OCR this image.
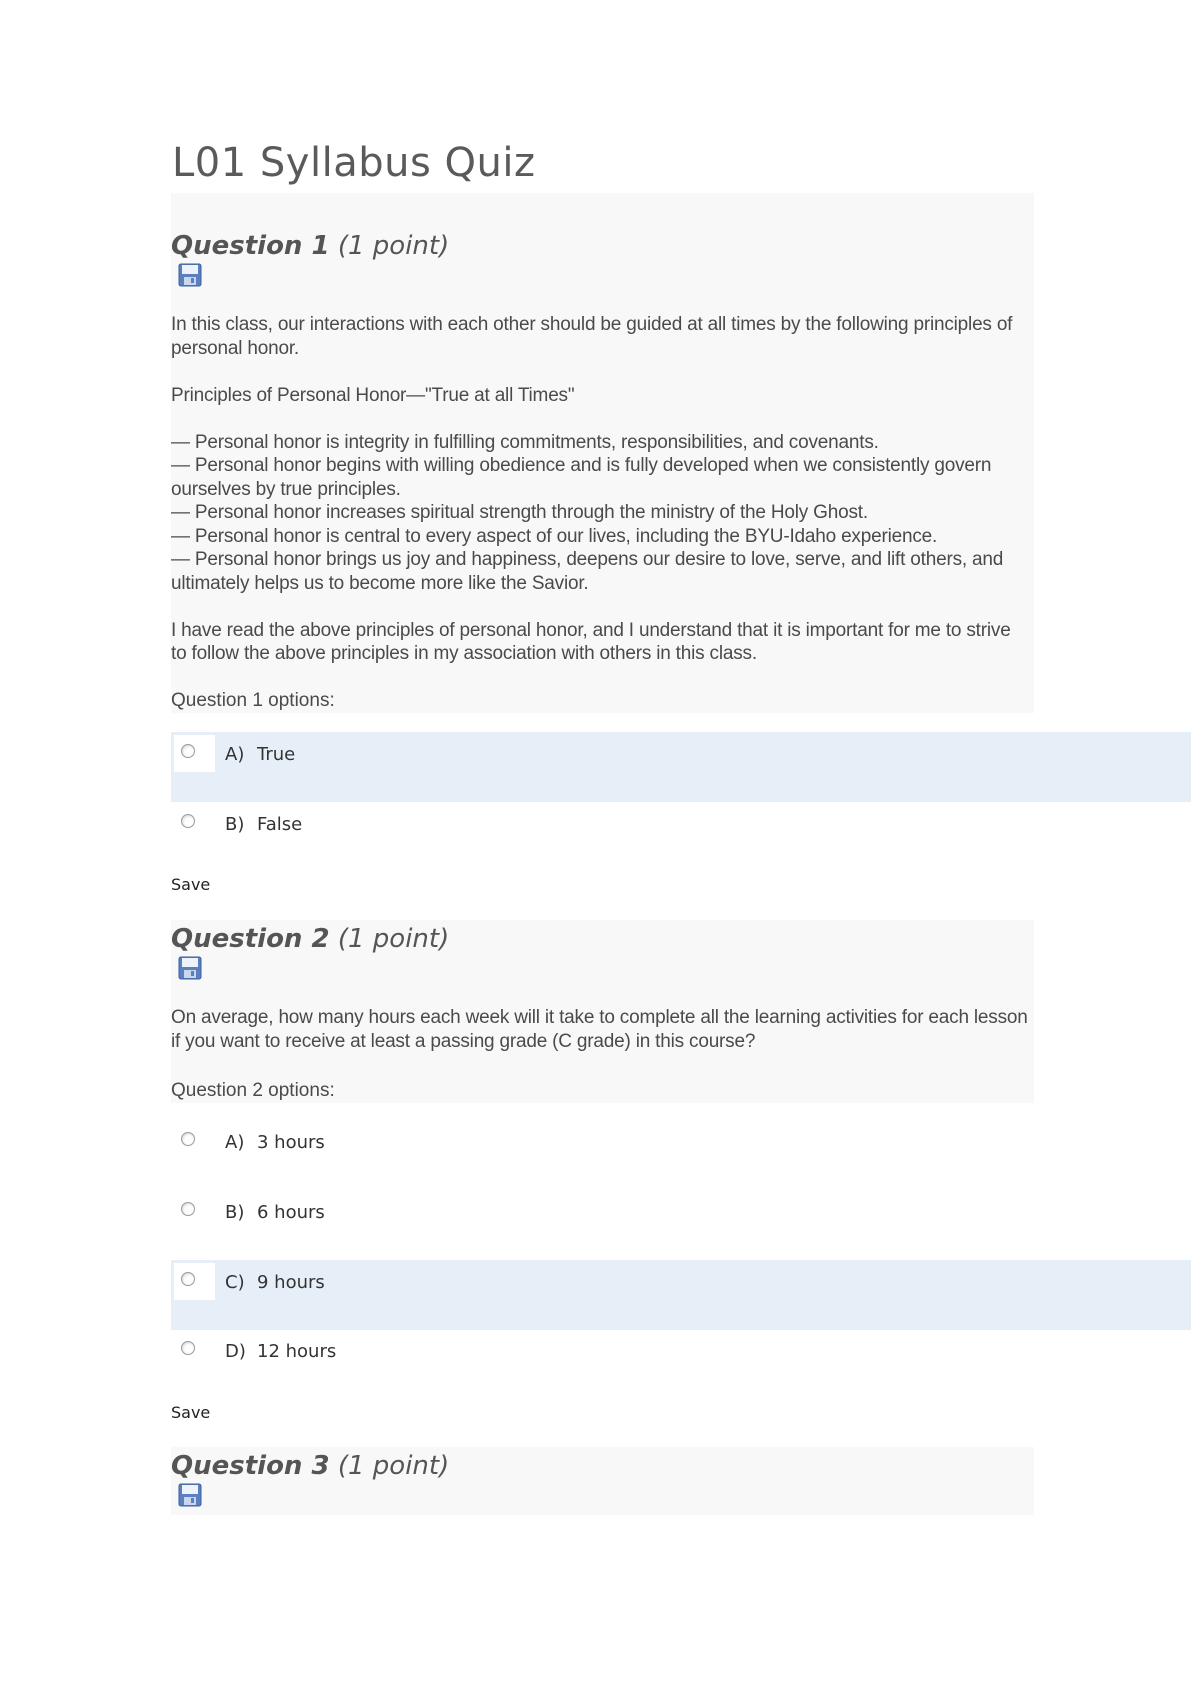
L01 Syllabus Quiz
Question 1 (1 point)

In this class, our interactions with each other should be guided at all times by the following principles of personal honor.

Principles of Personal Honor—"True at all Times"

— Personal honor is integrity in fulfilling commitments, responsibilities, and covenants.
— Personal honor begins with willing obedience and is fully developed when we consistently govern ourselves by true principles.
— Personal honor increases spiritual strength through the ministry of the Holy Ghost.
— Personal honor is central to every aspect of our lives, including the BYU-Idaho experience.
— Personal honor brings us joy and happiness, deepens our desire to love, serve, and lift others, and ultimately helps us to become more like the Savior.

I have read the above principles of personal honor, and I understand that it is important for me to strive to follow the above principles in my association with others in this class.

Question 1 options:
A) True
B) False
Save
Question 2 (1 point)

On average, how many hours each week will it take to complete all the learning activities for each lesson if you want to receive at least a passing grade (C grade) in this course?

Question 2 options:
A) 3 hours
B) 6 hours
C) 9 hours
D) 12 hours
Save
Question 3 (1 point)
